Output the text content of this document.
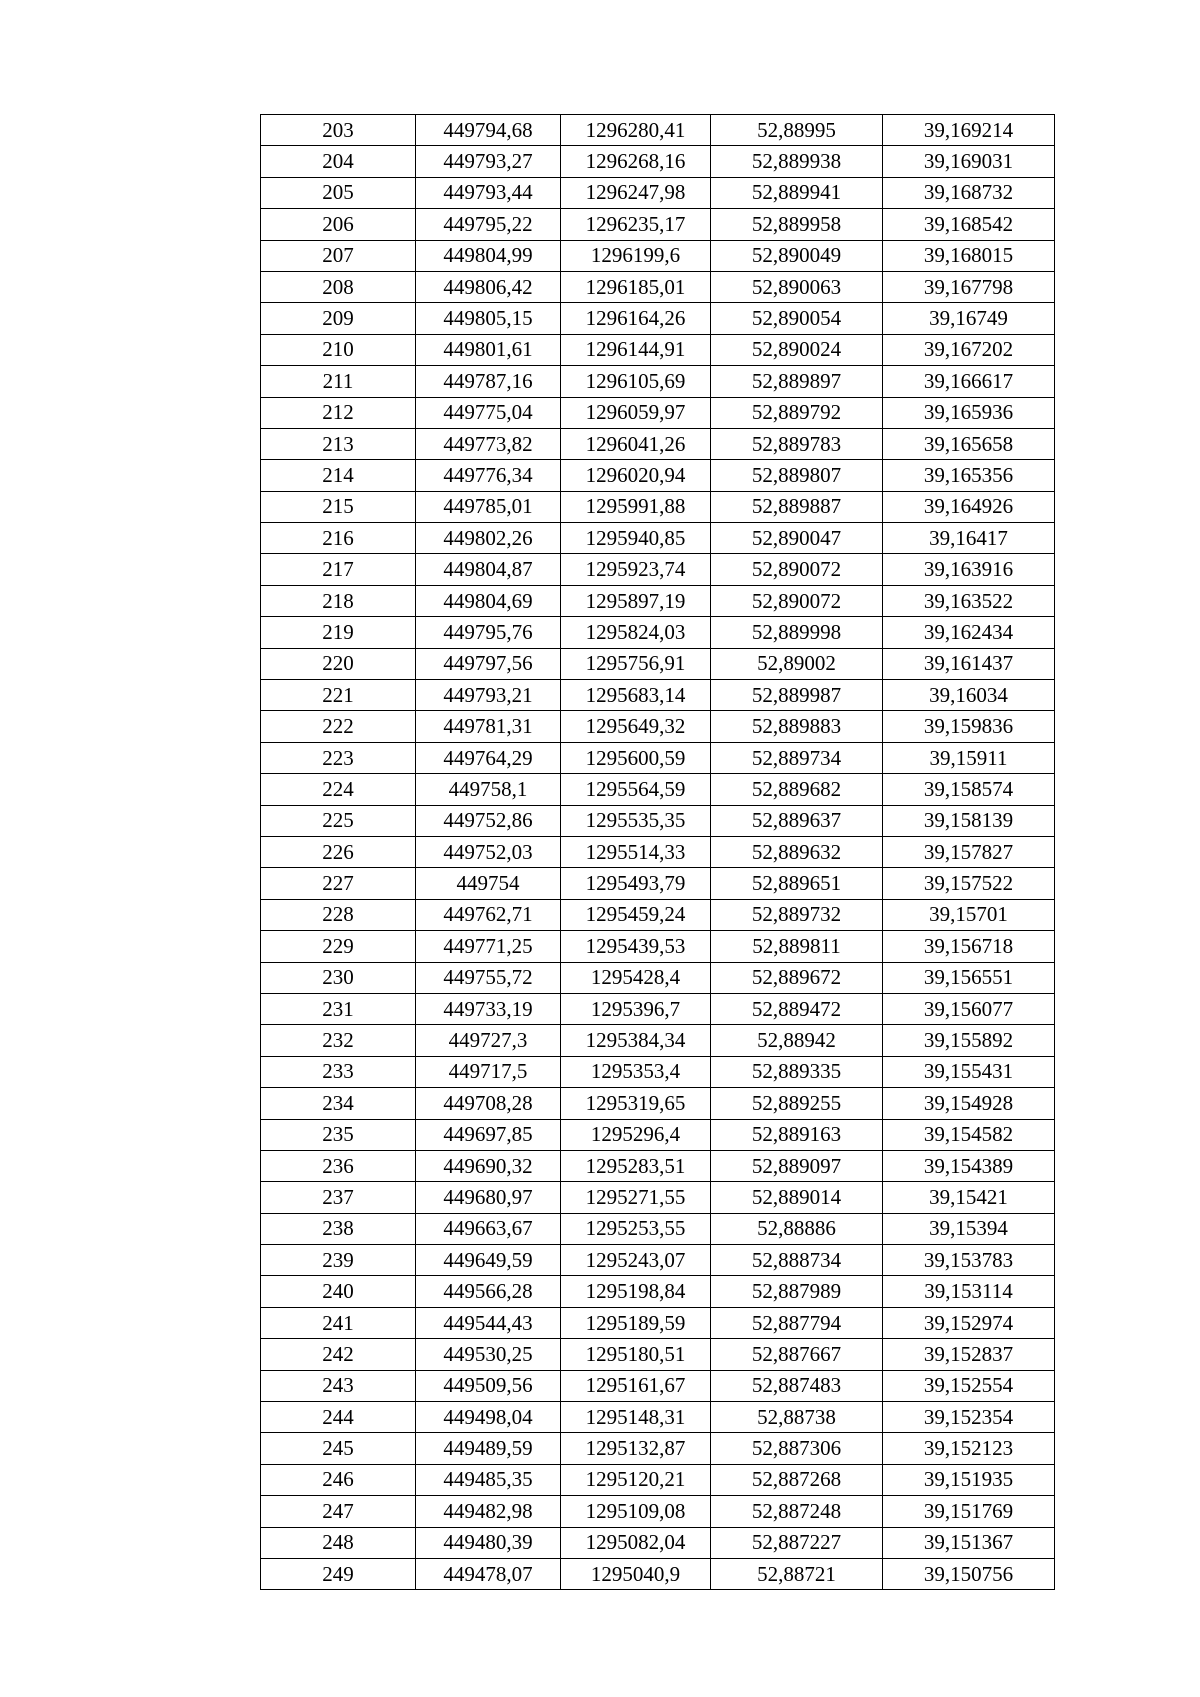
203	449794,68	1296280,41	52,88995	39,169214
204	449793,27	1296268,16	52,889938	39,169031
205	449793,44	1296247,98	52,889941	39,168732
206	449795,22	1296235,17	52,889958	39,168542
207	449804,99	1296199,6	52,890049	39,168015
208	449806,42	1296185,01	52,890063	39,167798
209	449805,15	1296164,26	52,890054	39,16749
210	449801,61	1296144,91	52,890024	39,167202
211	449787,16	1296105,69	52,889897	39,166617
212	449775,04	1296059,97	52,889792	39,165936
213	449773,82	1296041,26	52,889783	39,165658
214	449776,34	1296020,94	52,889807	39,165356
215	449785,01	1295991,88	52,889887	39,164926
216	449802,26	1295940,85	52,890047	39,16417
217	449804,87	1295923,74	52,890072	39,163916
218	449804,69	1295897,19	52,890072	39,163522
219	449795,76	1295824,03	52,889998	39,162434
220	449797,56	1295756,91	52,89002	39,161437
221	449793,21	1295683,14	52,889987	39,16034
222	449781,31	1295649,32	52,889883	39,159836
223	449764,29	1295600,59	52,889734	39,15911
224	449758,1	1295564,59	52,889682	39,158574
225	449752,86	1295535,35	52,889637	39,158139
226	449752,03	1295514,33	52,889632	39,157827
227	449754	1295493,79	52,889651	39,157522
228	449762,71	1295459,24	52,889732	39,15701
229	449771,25	1295439,53	52,889811	39,156718
230	449755,72	1295428,4	52,889672	39,156551
231	449733,19	1295396,7	52,889472	39,156077
232	449727,3	1295384,34	52,88942	39,155892
233	449717,5	1295353,4	52,889335	39,155431
234	449708,28	1295319,65	52,889255	39,154928
235	449697,85	1295296,4	52,889163	39,154582
236	449690,32	1295283,51	52,889097	39,154389
237	449680,97	1295271,55	52,889014	39,15421
238	449663,67	1295253,55	52,88886	39,15394
239	449649,59	1295243,07	52,888734	39,153783
240	449566,28	1295198,84	52,887989	39,153114
241	449544,43	1295189,59	52,887794	39,152974
242	449530,25	1295180,51	52,887667	39,152837
243	449509,56	1295161,67	52,887483	39,152554
244	449498,04	1295148,31	52,88738	39,152354
245	449489,59	1295132,87	52,887306	39,152123
246	449485,35	1295120,21	52,887268	39,151935
247	449482,98	1295109,08	52,887248	39,151769
248	449480,39	1295082,04	52,887227	39,151367
249	449478,07	1295040,9	52,88721	39,150756
